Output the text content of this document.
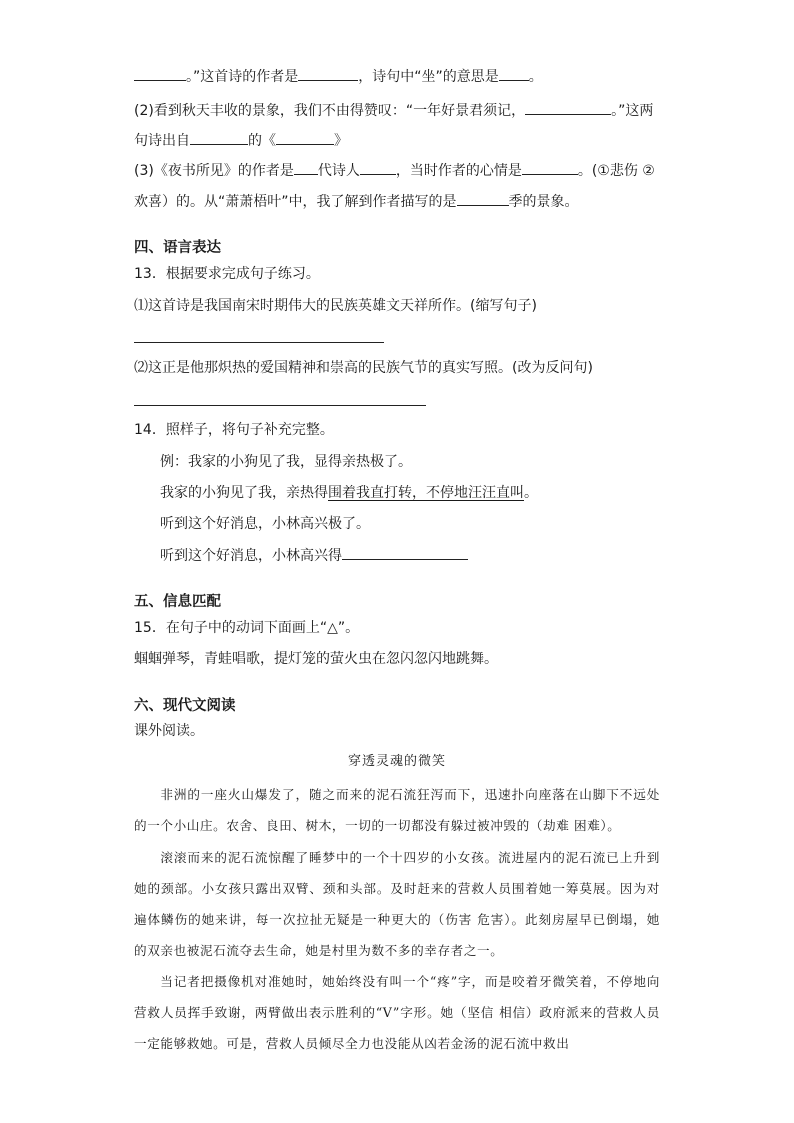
。”这首诗的作者是	，诗句中“坐”的意思是 。
(2)看到秋天丰收的景象，我们不由得赞叹：“一年好景君须记，	。”这两
句诗出自	的《	》
(3)《夜书所见》的作者是 代诗人	，当时作者的心情是	。(①悲伤 ②
欢喜）的。从“萧萧梧叶”中，我了解到作者描写的是	季的景象。
四、语言表达
13．根据要求完成句子练习。
⑴这首诗是我国南宋时期伟大的民族英雄文天祥所作。(缩写句子)
⑵这正是他那炽热的爱国精神和崇高的民族气节的真实写照。(改为反问句)
14．照样子，将句子补充完整。
例：我家的小狗见了我，显得亲热极了。
我家的小狗见了我，亲热得围着我直打转，不停地汪汪直叫。
听到这个好消息，小林高兴极了。
听到这个好消息，小林高兴得
五、信息匹配
15．在句子中的动词下面画上“△”。
蝈蝈弹琴，青蛙唱歌，提灯笼的萤火虫在忽闪忽闪地跳舞。
六、现代文阅读
课外阅读。
穿透灵魂的微笑
非洲的一座火山爆发了，随之而来的泥石流狂泻而下，迅速扑向座落在山脚下不远处的一个小山庄。农舍、良田、树木，一切的一切都没有躲过被冲毁的（劫难 困难）。
滚滚而来的泥石流惊醒了睡梦中的一个十四岁的小女孩。流进屋内的泥石流已上升到她的颈部。小女孩只露出双臂、颈和头部。及时赶来的营救人员围着她一筹莫展。因为对遍体鳞伤的她来讲，每一次拉扯无疑是一种更大的（伤害 危害）。此刻房屋早已倒塌，她的双亲也被泥石流夺去生命，她是村里为数不多的幸存者之一。
当记者把摄像机对准她时，她始终没有叫一个“疼”字，而是咬着牙微笑着，不停地向营救人员挥手致谢，两臂做出表示胜利的“V”字形。她（坚信 相信）政府派来的营救人员一定能够救她。可是，营救人员倾尽全力也没能从凶若金汤的泥石流中救出
